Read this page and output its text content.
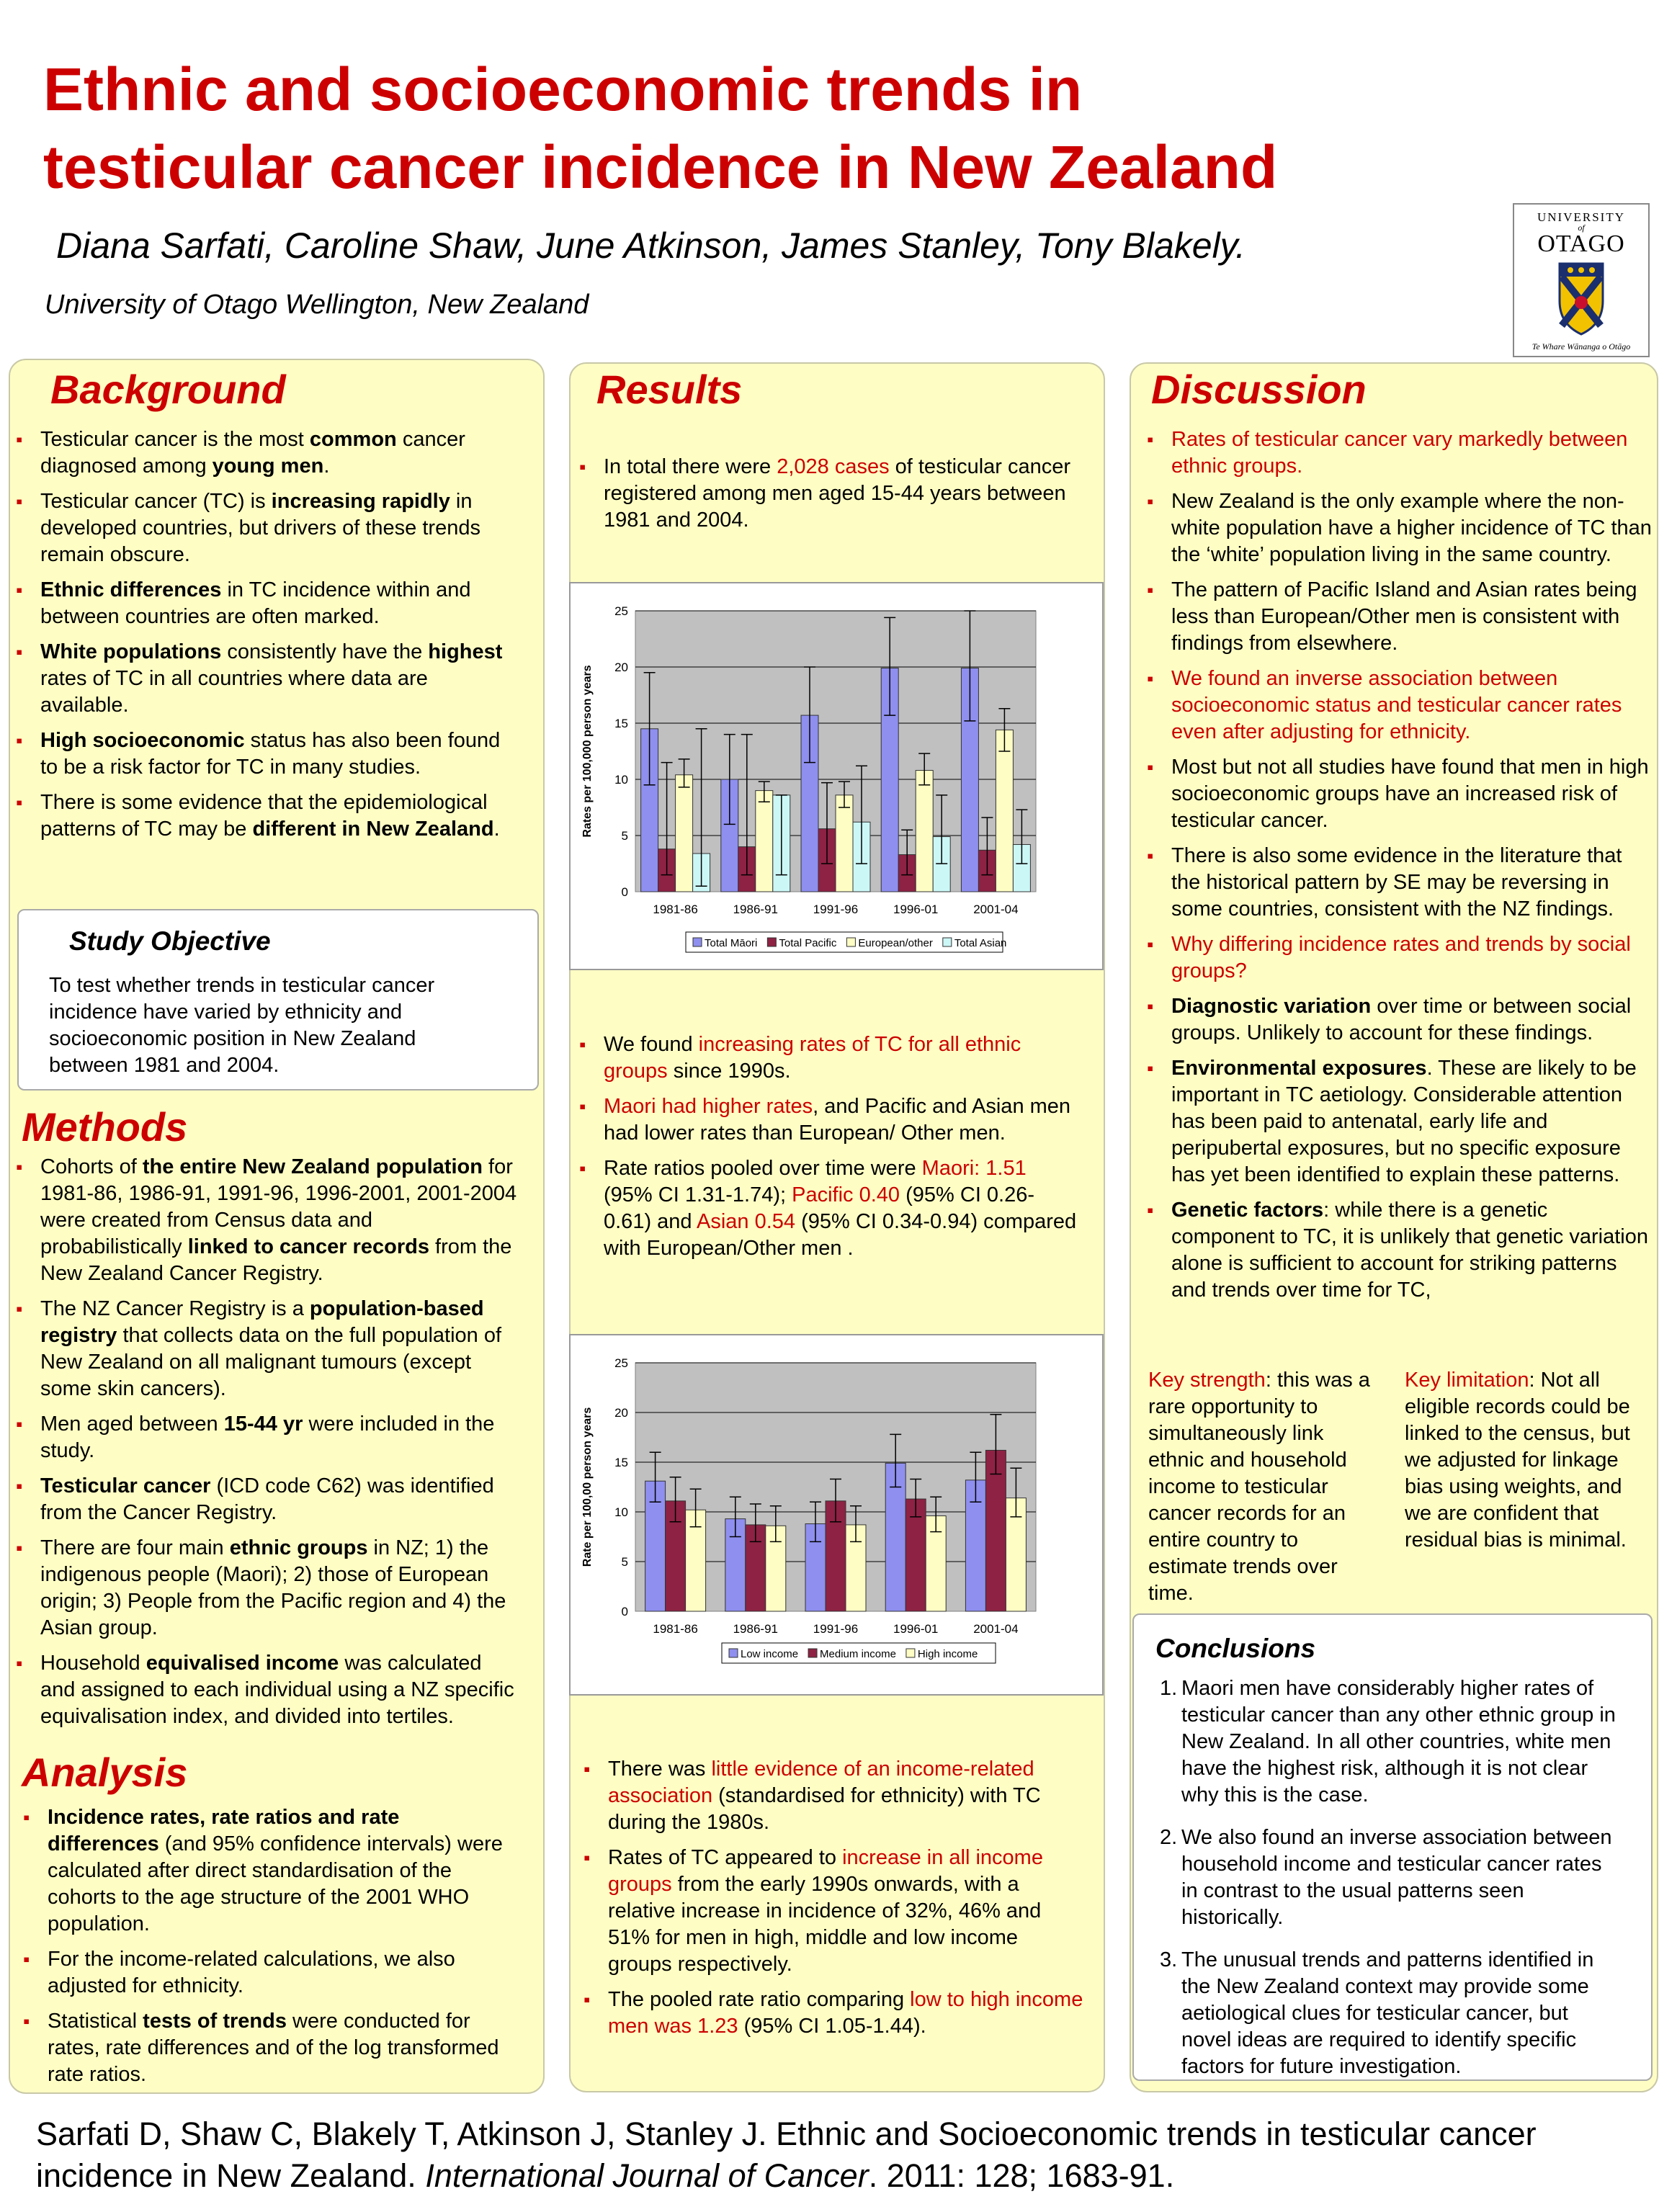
Ethnic and socioeconomic trends in
testicular cancer incidence in New Zealand
Diana Sarfati, Caroline Shaw, June Atkinson, James Stanley, Tony Blakely.
University of Otago Wellington, New Zealand
UNIVERSITY
of
OTAGO
Te Whare Wānanga o Otāgo
Background
▪ Testicular cancer is the most common cancer diagnosed among young men.
▪ Testicular cancer (TC) is increasing rapidly in developed countries, but drivers of these trends remain obscure.
▪ Ethnic differences in TC incidence within and between countries are often marked.
▪ White populations consistently have the highest rates of TC in all countries where data are available.
▪ High socioeconomic status has also been found to be a risk factor for TC in many studies.
▪ There is some evidence that the epidemiological patterns of TC may be different in New Zealand.
Study Objective
To test whether trends in testicular cancer incidence have varied by ethnicity and socioeconomic position in New Zealand between 1981 and 2004.
Methods
▪ Cohorts of the entire New Zealand population for 1981-86, 1986-91, 1991-96, 1996-2001, 2001-2004 were created from Census data and probabilistically linked to cancer records from the New Zealand Cancer Registry.
▪ The NZ Cancer Registry is a population-based registry that collects data on the full population of New Zealand on all malignant tumours (except some skin cancers).
▪ Men aged between 15-44 yr were included in the study.
▪ Testicular cancer (ICD code C62) was identified from the Cancer Registry.
▪ There are four main ethnic groups in NZ; 1) the indigenous people (Maori); 2) those of European origin; 3) People from the Pacific region and 4) the Asian group.
▪ Household equivalised income was calculated and assigned to each individual using a NZ specific equivalisation index, and divided into tertiles.
Analysis
▪ Incidence rates, rate ratios and rate differences (and 95% confidence intervals) were calculated after direct standardisation of the cohorts to the age structure of the 2001 WHO population.
▪ For the income-related calculations, we also adjusted for ethnicity.
▪ Statistical tests of trends were conducted for rates, rate differences and of the log transformed rate ratios.
Results
▪ In total there were 2,028 cases of testicular cancer registered among men aged 15-44 years between 1981 and 2004.
0
5
10
15
20
25
Rates per 100,000 person years
1981-86	1986-91	1991-96	1996-01	2001-04
Total Māori Total Pacific European/other Total Asian
▪ We found increasing rates of TC for all ethnic groups since 1990s.
▪ Maori had higher rates, and Pacific and Asian men had lower rates than European/ Other men.
▪ Rate ratios pooled over time were Maori: 1.51 (95% CI 1.31-1.74); Pacific 0.40 (95% CI 0.26-0.61) and Asian 0.54 (95% CI 0.34-0.94) compared with European/Other men .
0
5
10
15
20
25
Rate per 100,00 person years
1981-86	1986-91	1991-96	1996-01	2001-04
Low income Medium income High income
▪ There was little evidence of an income-related association (standardised for ethnicity) with TC during the 1980s.
▪ Rates of TC appeared to increase in all income groups from the early 1990s onwards, with a relative increase in incidence of 32%, 46% and 51% for men in high, middle and low income groups respectively.
▪ The pooled rate ratio comparing low to high income men was 1.23 (95% CI 1.05-1.44).
Discussion
▪ Rates of testicular cancer vary markedly between ethnic groups.
▪ New Zealand is the only example where the non-white population have a higher incidence of TC than the ‘white’ population living in the same country.
▪ The pattern of Pacific Island and Asian rates being less than European/Other men is consistent with findings from elsewhere.
▪ We found an inverse association between socioeconomic status and testicular cancer rates even after adjusting for ethnicity.
▪ Most but not all studies have found that men in high socioeconomic groups have an increased risk of testicular cancer.
▪ There is also some evidence in the literature that the historical pattern by SE may be reversing in some countries, consistent with the NZ findings.
▪ Why differing incidence rates and trends by social groups?
▪ Diagnostic variation over time or between social groups. Unlikely to account for these findings.
▪ Environmental exposures. These are likely to be important in TC aetiology. Considerable attention has been paid to antenatal, early life and peripubertal exposures, but no specific exposure has yet been identified to explain these patterns.
▪ Genetic factors: while there is a genetic component to TC, it is unlikely that genetic variation alone is sufficient to account for striking patterns and trends over time for TC,
Key strength: this was a rare opportunity to simultaneously link ethnic and household income to testicular cancer records for an entire country to estimate trends over time.
Key limitation: Not all eligible records could be linked to the census, but we adjusted for linkage bias using weights, and we are confident that residual bias is minimal.
Conclusions
1. Maori men have considerably higher rates of testicular cancer than any other ethnic group in New Zealand. In all other countries, white men have the highest risk, although it is not clear why this is the case.
2. We also found an inverse association between household income and testicular cancer rates in contrast to the usual patterns seen historically.
3. The unusual trends and patterns identified in the New Zealand context may provide some aetiological clues for testicular cancer, but novel ideas are required to identify specific factors for future investigation.
Sarfati D, Shaw C, Blakely T, Atkinson J, Stanley J. Ethnic and Socioeconomic trends in testicular cancer incidence in New Zealand. International Journal of Cancer. 2011: 128; 1683-91.
